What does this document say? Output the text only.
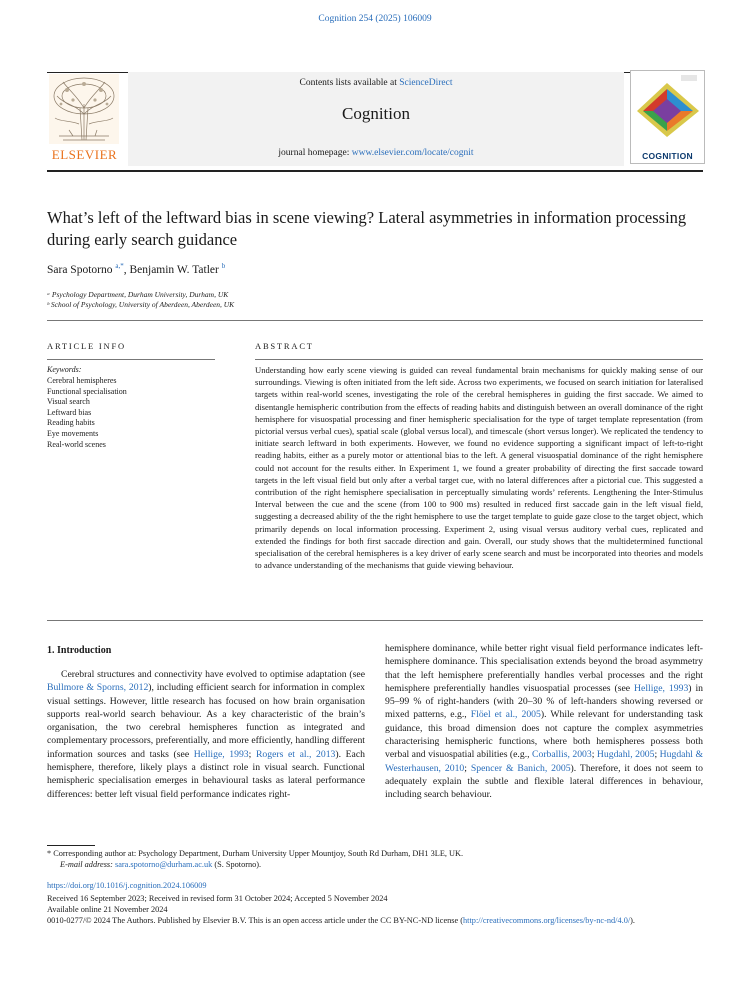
Cognition 254 (2025) 106009
Contents lists available at ScienceDirect
Cognition
journal homepage: www.elsevier.com/locate/cognit
ELSEVIER	COGNITION
What’s left of the leftward bias in scene viewing? Lateral asymmetries in information processing during early search guidance
Sara Spotorno $^{a,*}$, Benjamin W. Tatler $^b$
ᵃ Psychology Department, Durham University, Durham, UK
ᵇ School of Psychology, University of Aberdeen, Aberdeen, UK
ARTICLE INFO
Keywords:
Cerebral hemispheres
Functional specialisation
Visual search
Leftward bias
Reading habits
Eye movements
Real-world scenes
ABSTRACT
Understanding how early scene viewing is guided can reveal fundamental brain mechanisms for quickly making sense of our surroundings. Viewing is often initiated from the left side. Across two experiments, we focused on search initiation for lateralised targets within real-world scenes, investigating the role of the cerebral hemispheres in guiding the first saccade. We aimed to disentangle hemispheric contribution from the effects of reading habits and distinguish between an overall dominance of the right hemisphere for visuospatial processing and finer hemispheric specialisation for the type of target template representation (from pictorial versus verbal cues), spatial scale (global versus local), and timescale (short versus longer). We replicated the tendency to initiate search leftward in both experiments. However, we found no evidence supporting a significant impact of left-to-right reading habits, either as a purely motor or attentional bias to the left. A general visuospatial dominance of the right hemisphere could not account for the results either. In Experiment 1, we found a greater probability of directing the first saccade toward targets in the left visual field but only after a verbal target cue, with no lateral differences after a pictorial cue. This suggested a contribution of the right hemisphere specialisation in perceptually simulating words’ referents. Lengthening the Inter-Stimulus Interval between the cue and the scene (from 100 to 900 ms) resulted in reduced first saccade gain in the left visual field, suggesting a decreased ability of the the right hemisphere to use the target template to guide gaze close to the target object, which primarily depends on local information processing. Experiment 2, using visual versus auditory verbal cues, replicated and extended the findings for both first saccade direction and gain. Overall, our study shows that the multidetermined functional specialisation of the cerebral hemispheres is a key driver of early scene search and must be incorporated into theories and models to advance understanding of the mechanisms that guide viewing behaviour.
1. Introduction

Cerebral structures and connectivity have evolved to optimise adaptation (see Bullmore & Sporns, 2012), including efficient search for information in complex visual settings. However, little research has focused on how brain organisation supports real-world search behaviour. As a key characteristic of the brain’s organisation, the two cerebral hemispheres function as integrated and complementary processors, preferentially, and more efficiently, handling different information sources and tasks (see Hellige, 1993; Rogers et al., 2013). Each hemisphere, therefore, likely plays a distinct role in visual search. Functional hemispheric specialisation emerges in behavioural tasks as lateral performance differences: better left visual field performance indicates right-

hemisphere dominance, while better right visual field performance indicates left-hemisphere dominance. This specialisation extends beyond the broad asymmetry that the left hemisphere preferentially handles verbal processes and the right hemisphere preferentially handles visuospatial processes (see Hellige, 1993) in 95–99 % of right-handers (with 20–30 % of left-handers showing reversed or mixed patterns, e.g., Flöel et al., 2005). While relevant for understanding task guidance, this broad dimension does not capture the complex asymmetries characterising hemispheric functions, where both hemispheres possess both verbal and visuospatial abilities (e.g., Corballis, 2003; Hugdahl, 2005; Hugdahl & Westerhausen, 2010; Spencer & Banich, 2005). Therefore, it does not seem to adequately explain the subtle and flexible lateral differences in behaviour, including search behaviour.

* Corresponding author at: Psychology Department, Durham University Upper Mountjoy, South Rd Durham, DH1 3LE, UK.
E-mail address: sara.spotorno@durham.ac.uk (S. Spotorno).
https://doi.org/10.1016/j.cognition.2024.106009
Received 16 September 2023; Received in revised form 31 October 2024; Accepted 5 November 2024
Available online 21 November 2024
0010-0277/© 2024 The Authors. Published by Elsevier B.V. This is an open access article under the CC BY-NC-ND license (http://creativecommons.org/licenses/by-nc-nd/4.0/).
